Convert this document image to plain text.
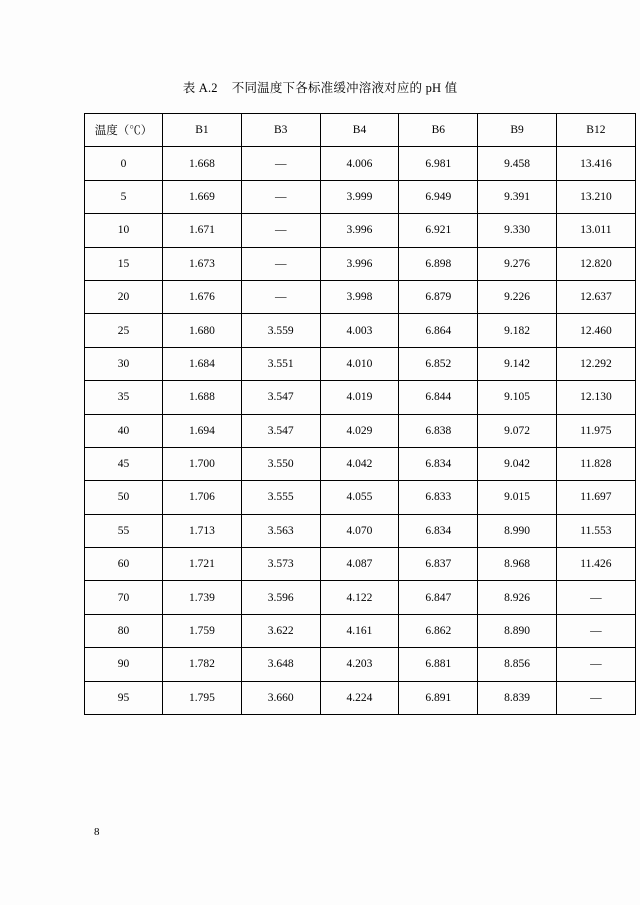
表 A.2 不同温度下各标准缓冲溶液对应的 pH 值
温度（℃）	B1	B3	B4	B6	B9	B12
0	1.668	—	4.006	6.981	9.458	13.416
5	1.669	—	3.999	6.949	9.391	13.210
10	1.671	—	3.996	6.921	9.330	13.011
15	1.673	—	3.996	6.898	9.276	12.820
20	1.676	—	3.998	6.879	9.226	12.637
25	1.680	3.559	4.003	6.864	9.182	12.460
30	1.684	3.551	4.010	6.852	9.142	12.292
35	1.688	3.547	4.019	6.844	9.105	12.130
40	1.694	3.547	4.029	6.838	9.072	11.975
45	1.700	3.550	4.042	6.834	9.042	11.828
50	1.706	3.555	4.055	6.833	9.015	11.697
55	1.713	3.563	4.070	6.834	8.990	11.553
60	1.721	3.573	4.087	6.837	8.968	11.426
70	1.739	3.596	4.122	6.847	8.926	—
80	1.759	3.622	4.161	6.862	8.890	—
90	1.782	3.648	4.203	6.881	8.856	—
95	1.795	3.660	4.224	6.891	8.839	—
8
